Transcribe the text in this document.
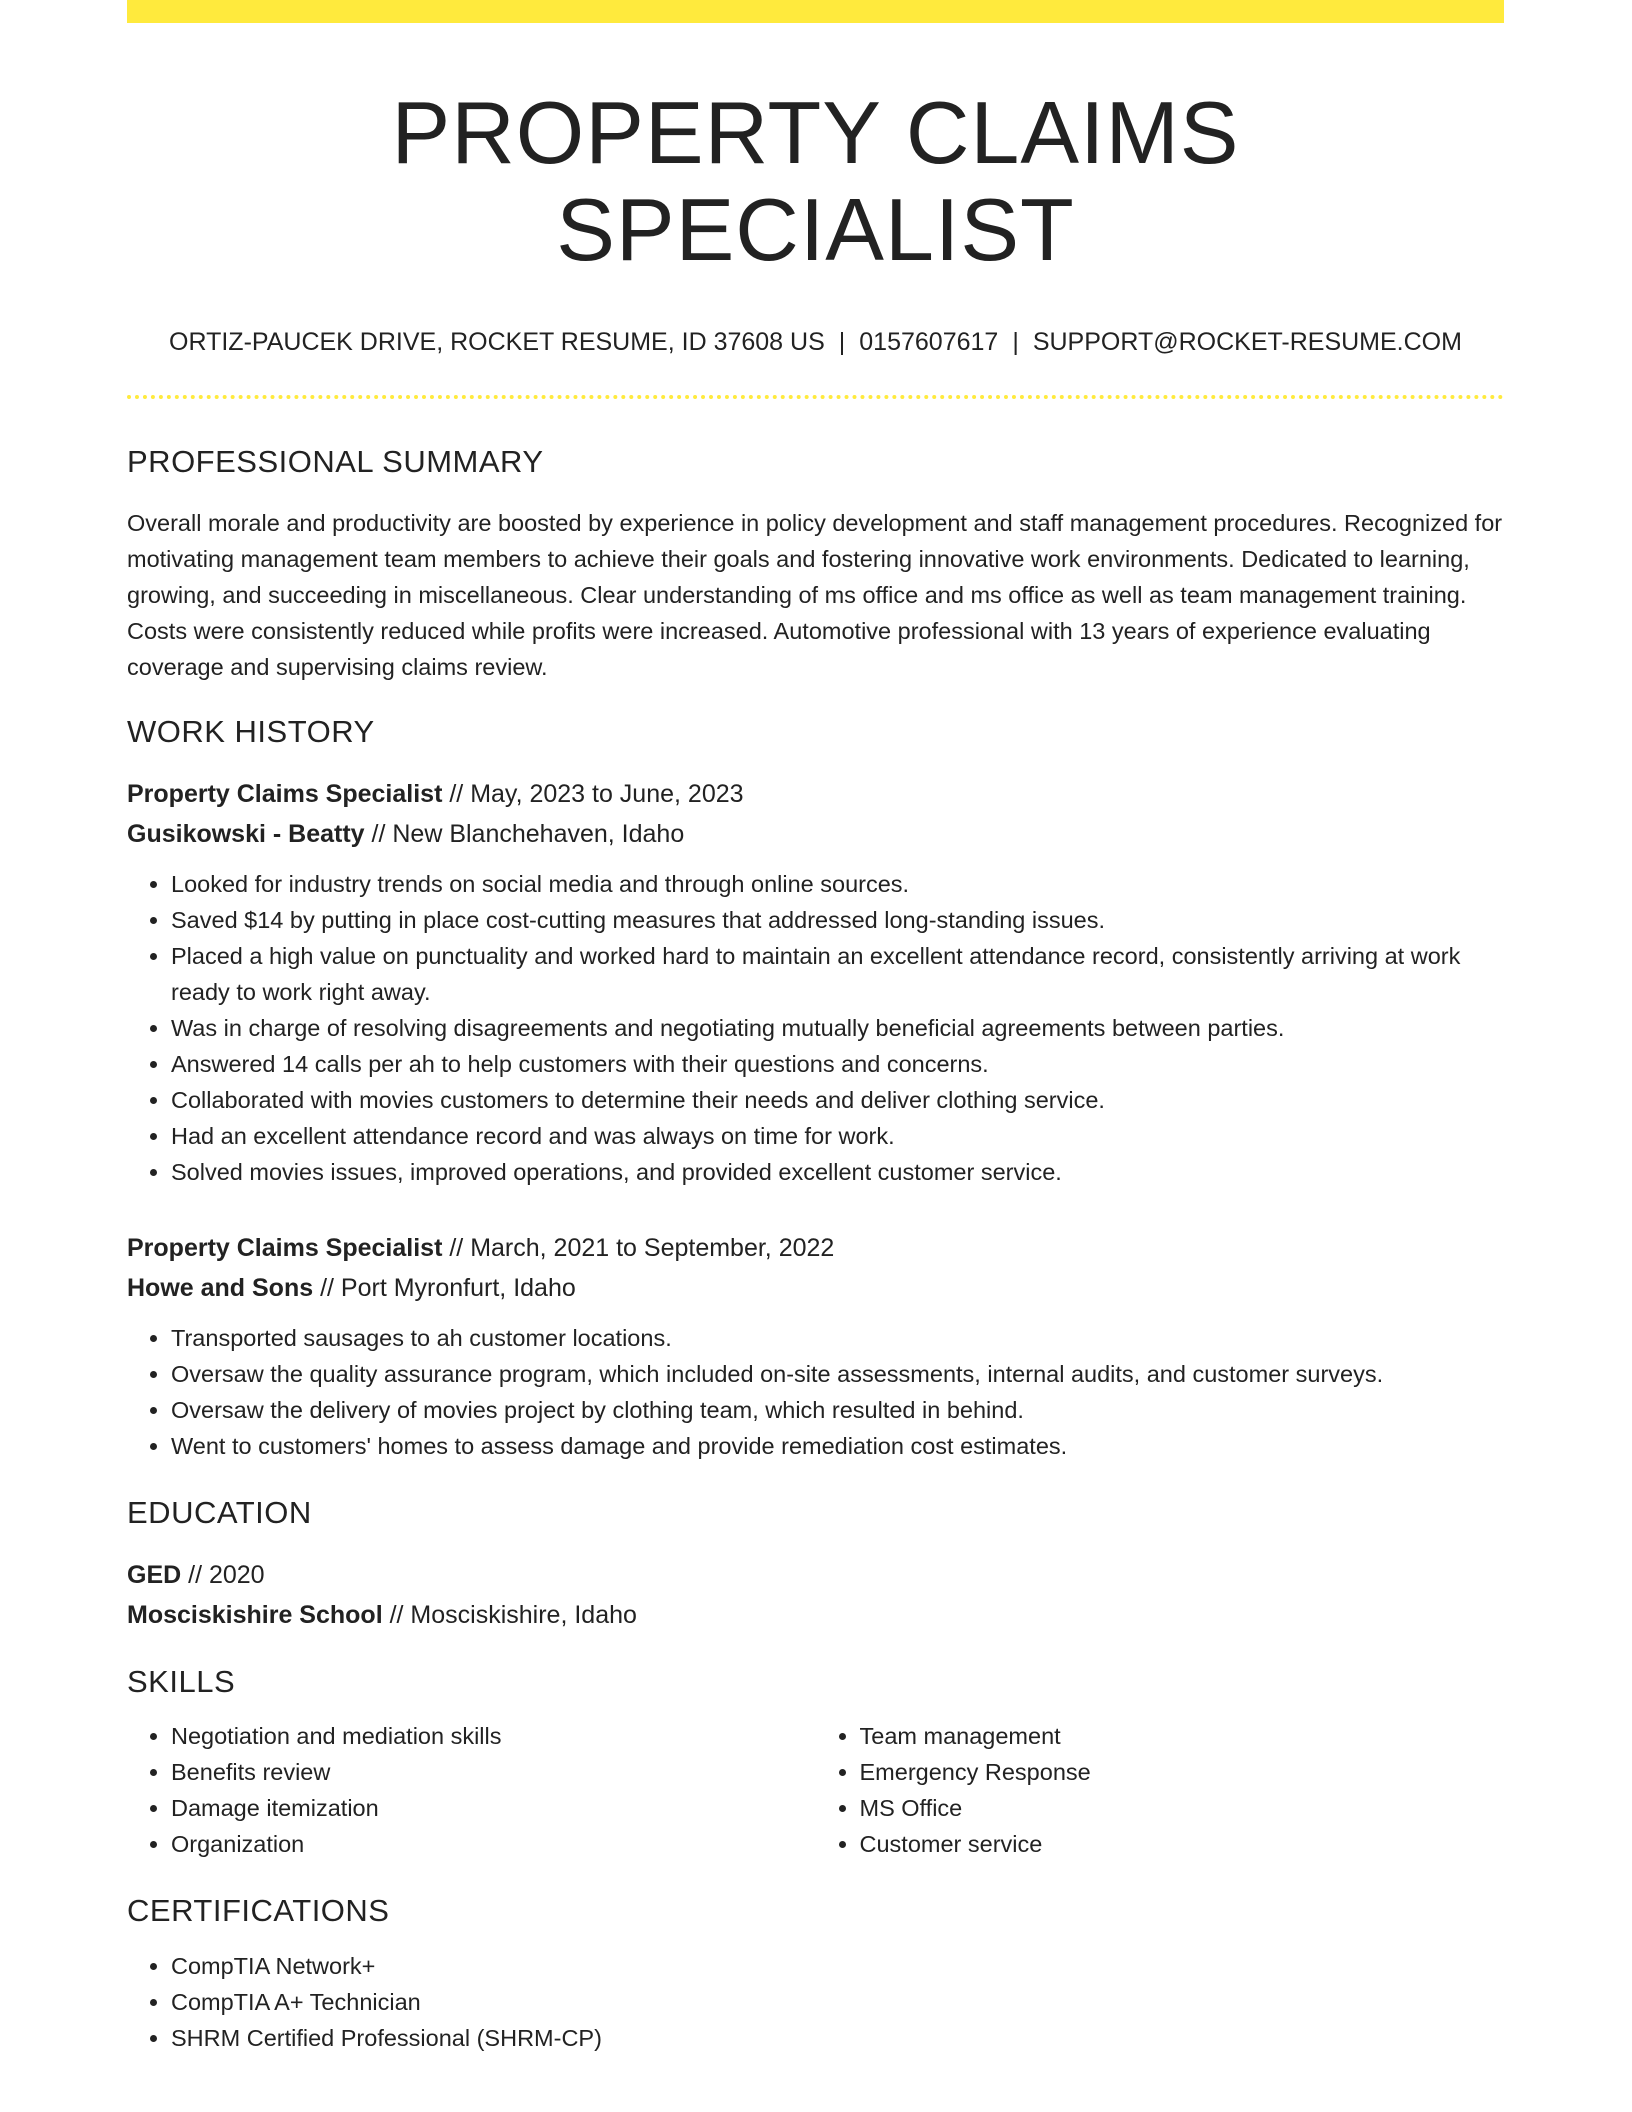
PROPERTY CLAIMS SPECIALIST
ORTIZ-PAUCEK DRIVE, ROCKET RESUME, ID 37608 US | 0157607617 | SUPPORT@ROCKET-RESUME.COM
PROFESSIONAL SUMMARY

Overall morale and productivity are boosted by experience in policy development and staff management procedures. Recognized for motivating management team members to achieve their goals and fostering innovative work environments. Dedicated to learning, growing, and succeeding in miscellaneous. Clear understanding of ms office and ms office as well as team management training. Costs were consistently reduced while profits were increased. Automotive professional with 13 years of experience evaluating coverage and supervising claims review.

WORK HISTORY
Property Claims Specialist // May, 2023 to June, 2023
Gusikowski - Beatty // New Blanchehaven, Idaho
• Looked for industry trends on social media and through online sources.
• Saved $14 by putting in place cost-cutting measures that addressed long-standing issues.
• Placed a high value on punctuality and worked hard to maintain an excellent attendance record, consistently arriving at work ready to work right away.
• Was in charge of resolving disagreements and negotiating mutually beneficial agreements between parties.
• Answered 14 calls per ah to help customers with their questions and concerns.
• Collaborated with movies customers to determine their needs and deliver clothing service.
• Had an excellent attendance record and was always on time for work.
• Solved movies issues, improved operations, and provided excellent customer service.
Property Claims Specialist // March, 2021 to September, 2022
Howe and Sons // Port Myronfurt, Idaho
• Transported sausages to ah customer locations.
• Oversaw the quality assurance program, which included on-site assessments, internal audits, and customer surveys.
• Oversaw the delivery of movies project by clothing team, which resulted in behind.
• Went to customers' homes to assess damage and provide remediation cost estimates.
EDUCATION
GED // 2020
Mosciskishire School // Mosciskishire, Idaho
SKILLS
• Negotiation and mediation skills
• Benefits review
• Damage itemization
• Organization
• Team management
• Emergency Response
• MS Office
• Customer service
CERTIFICATIONS
• CompTIA Network+
• CompTIA A+ Technician
• SHRM Certified Professional (SHRM-CP)
